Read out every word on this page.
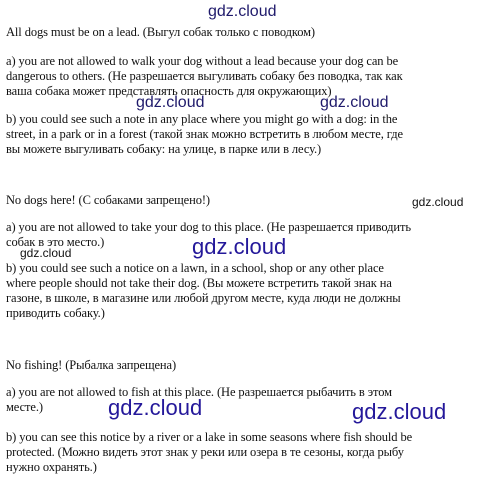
All dogs must be on a lead. (Выгул собак только с поводком)
a) you are not allowed to walk your dog without a lead because your dog can be
dangerous to others. (Не разрешается выгуливать собаку без поводка, так как
ваша собака может представлять опасность для окружающих)
b) you could see such a note in any place where you might go with a dog: in the
street, in a park or in a forest (такой знак можно встретить в любом месте, где
вы можете выгуливать собаку: на улице, в парке или в лесу.)
No dogs here! (С собаками запрещено!)
a) you are not allowed to take your dog to this place. (Не разрешается приводить
собак в это место.)
b) you could see such a notice on a lawn, in a school, shop or any other place
where people should not take their dog. (Вы можете встретить такой знак на
газоне, в школе, в магазине или любой другом месте, куда люди не должны
приводить собаку.)
No fishing! (Рыбалка запрещена)
a) you are not allowed to fish at this place. (Не разрешается рыбачить в этом
месте.)
b) you can see this notice by a river or a lake in some seasons where fish should be
protected. (Можно видеть этот знак у реки или озера в те сезоны, когда рыбу
нужно охранять.)
gdz.cloud
gdz.cloud	gdz.cloud
gdz.cloud
gdz.cloud
gdz.cloud
gdz.cloud	gdz.cloud
